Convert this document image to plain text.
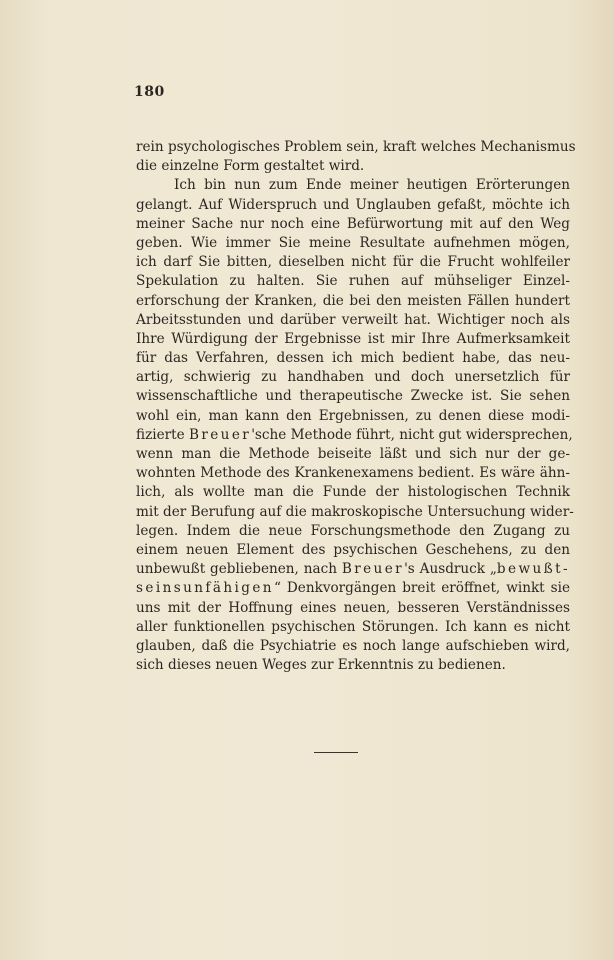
180
rein psychologisches Problem sein, kraft welches Mechanismus
die einzelne Form gestaltet wird.
Ich bin nun zum Ende meiner heutigen Erörterungen
gelangt. Auf Widerspruch und Unglauben gefaßt, möchte ich
meiner Sache nur noch eine Befürwortung mit auf den Weg
geben. Wie immer Sie meine Resultate aufnehmen mögen,
ich darf Sie bitten, dieselben nicht für die Frucht wohlfeiler
Spekulation zu halten. Sie ruhen auf mühseliger Einzel-
erforschung der Kranken, die bei den meisten Fällen hundert
Arbeitsstunden und darüber verweilt hat. Wichtiger noch als
Ihre Würdigung der Ergebnisse ist mir Ihre Aufmerksamkeit
für das Verfahren, dessen ich mich bedient habe, das neu-
artig, schwierig zu handhaben und doch unersetzlich für
wissenschaftliche und therapeutische Zwecke ist. Sie sehen
wohl ein, man kann den Ergebnissen, zu denen diese modi-
fizierte Breuer'sche Methode führt, nicht gut widersprechen,
wenn man die Methode beiseite läßt und sich nur der ge-
wohnten Methode des Krankenexamens bedient. Es wäre ähn-
lich, als wollte man die Funde der histologischen Technik
mit der Berufung auf die makroskopische Untersuchung wider-
legen. Indem die neue Forschungsmethode den Zugang zu
einem neuen Element des psychischen Geschehens, zu den
unbewußt gebliebenen, nach Breuer's Ausdruck „bewußt-
seinsunfähigen“ Denkvorgängen breit eröffnet, winkt sie
uns mit der Hoffnung eines neuen, besseren Verständnisses
aller funktionellen psychischen Störungen. Ich kann es nicht
glauben, daß die Psychiatrie es noch lange aufschieben wird,
sich dieses neuen Weges zur Erkenntnis zu bedienen.
